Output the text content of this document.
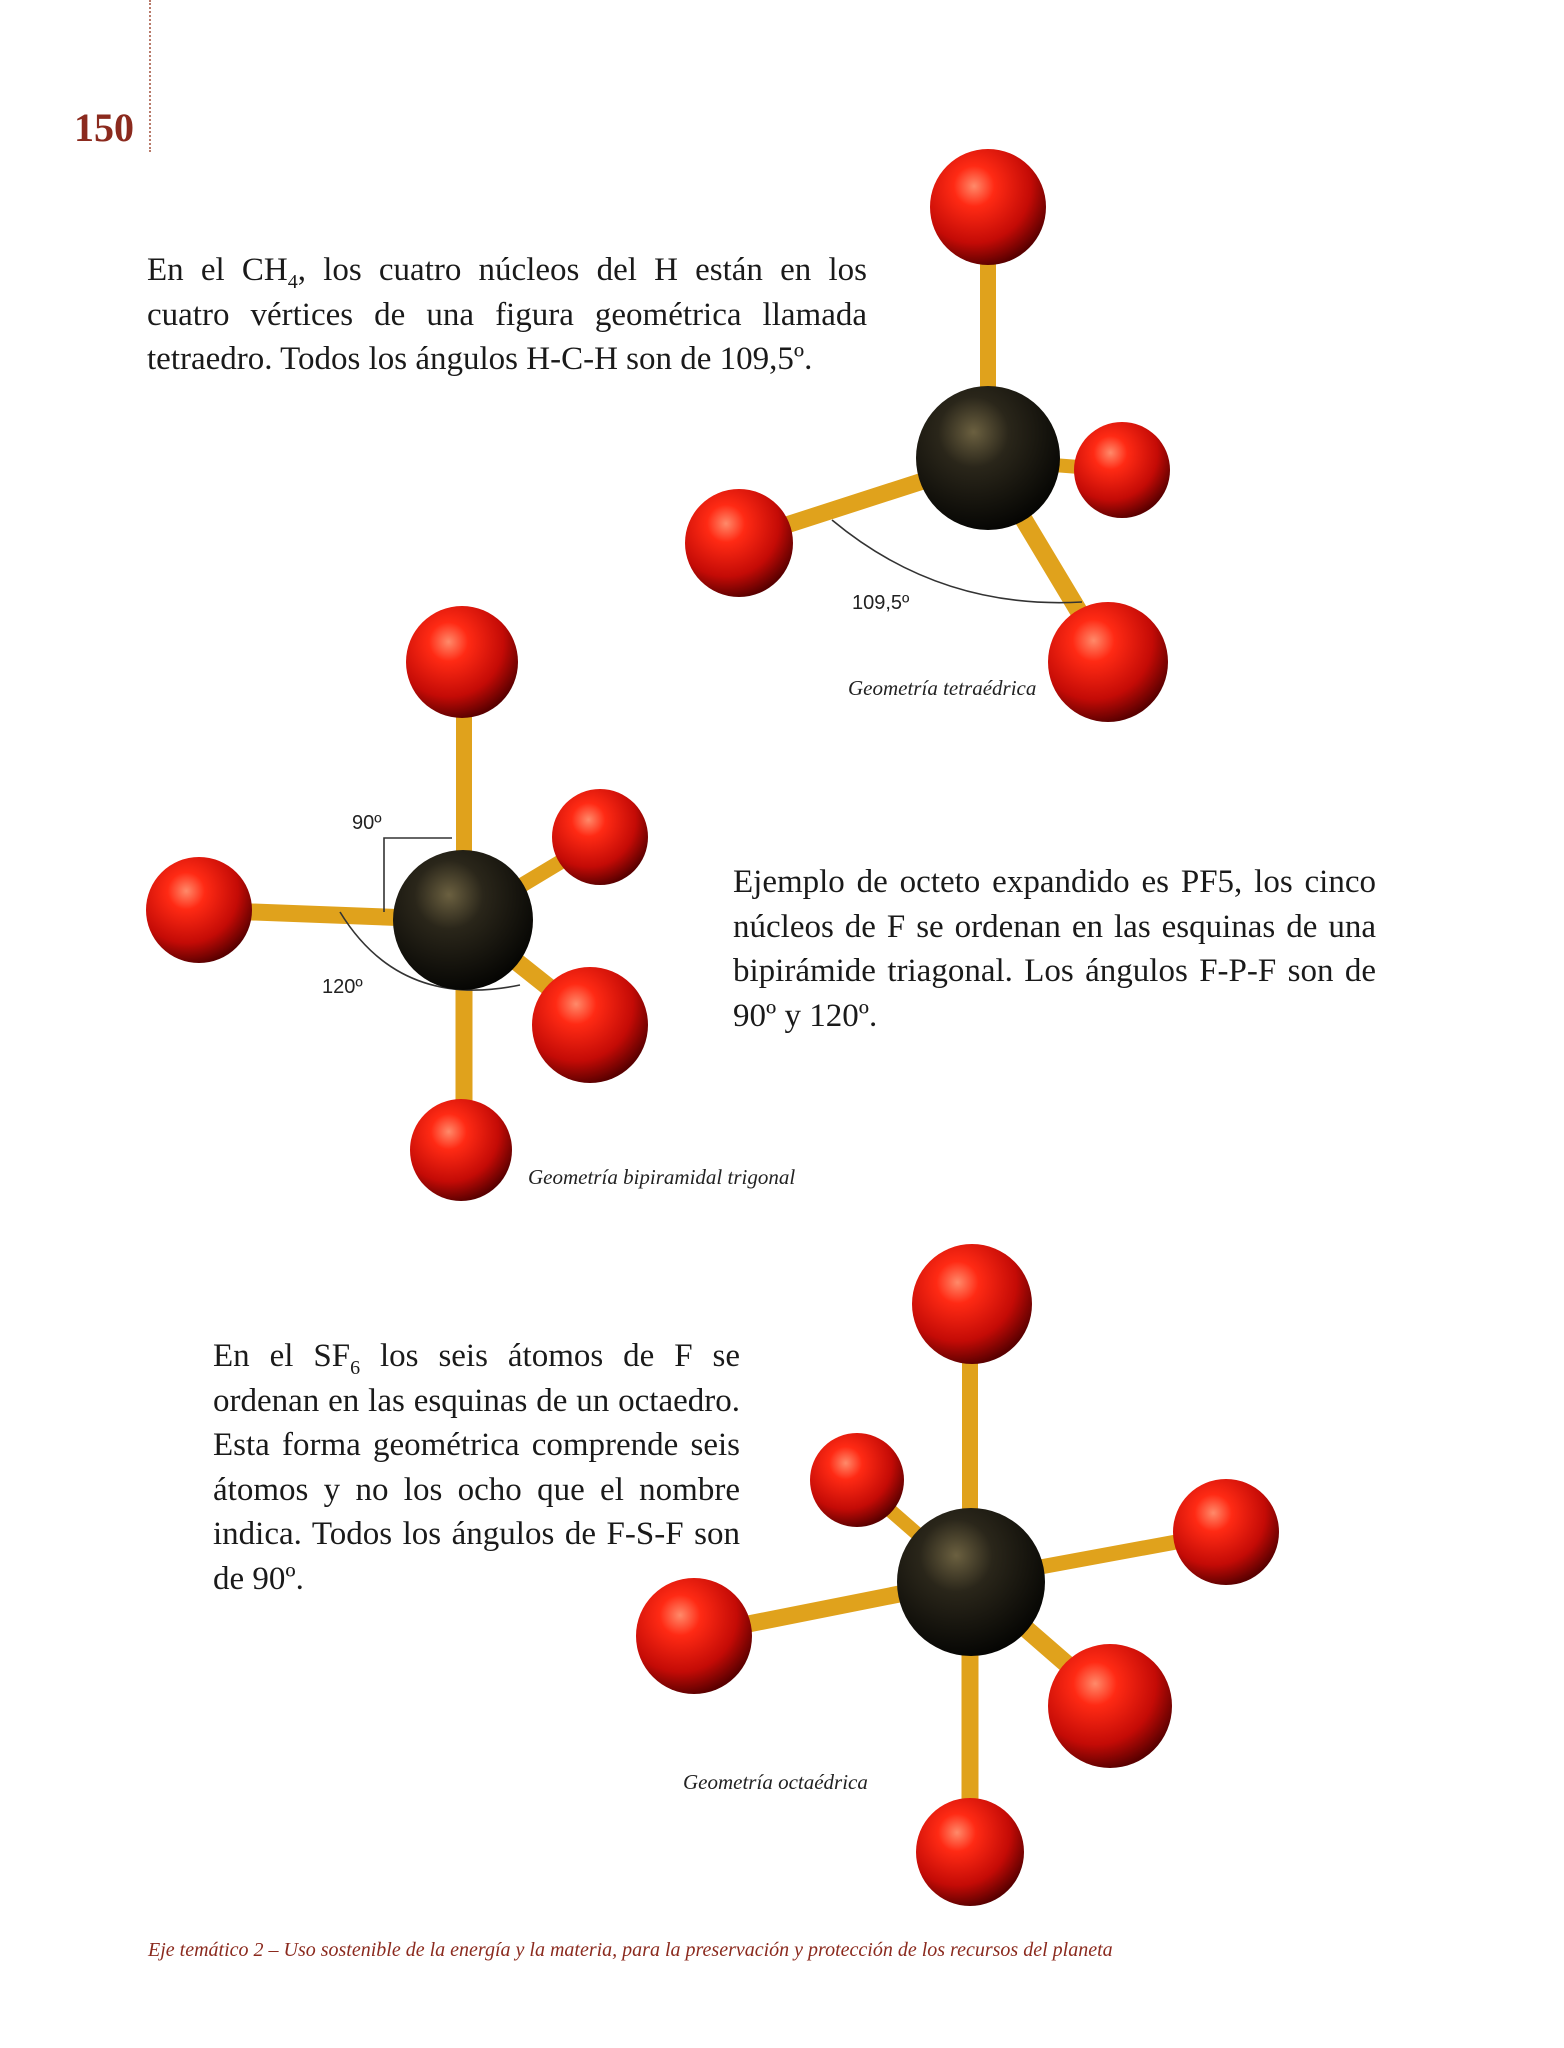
150

En el $CH_4$, los cuatro núcleos del H están en los cuatro vértices de una figura geométrica llamada tetraedro. Todos los ángulos H-C-H son de 109,5º.

109,5º
Geometría tetraédrica
90º
120º
Geometría bipiramidal trigonal

Ejemplo de octeto expandido es PF5, los cinco núcleos de F se ordenan en las esquinas de una bipirámide triagonal. Los ángulos F-P-F son de 90º y 120º.

En el $SF_6$ los seis átomos de F se ordenan en las esquinas de un octaedro. Esta forma geométrica comprende seis átomos y no los ocho que el nombre indica. Todos los ángulos de F-S-F son de 90º.

Geometría octaédrica
Eje temático 2 – Uso sostenible de la energía y la materia, para la preservación y protección de los recursos del planeta
